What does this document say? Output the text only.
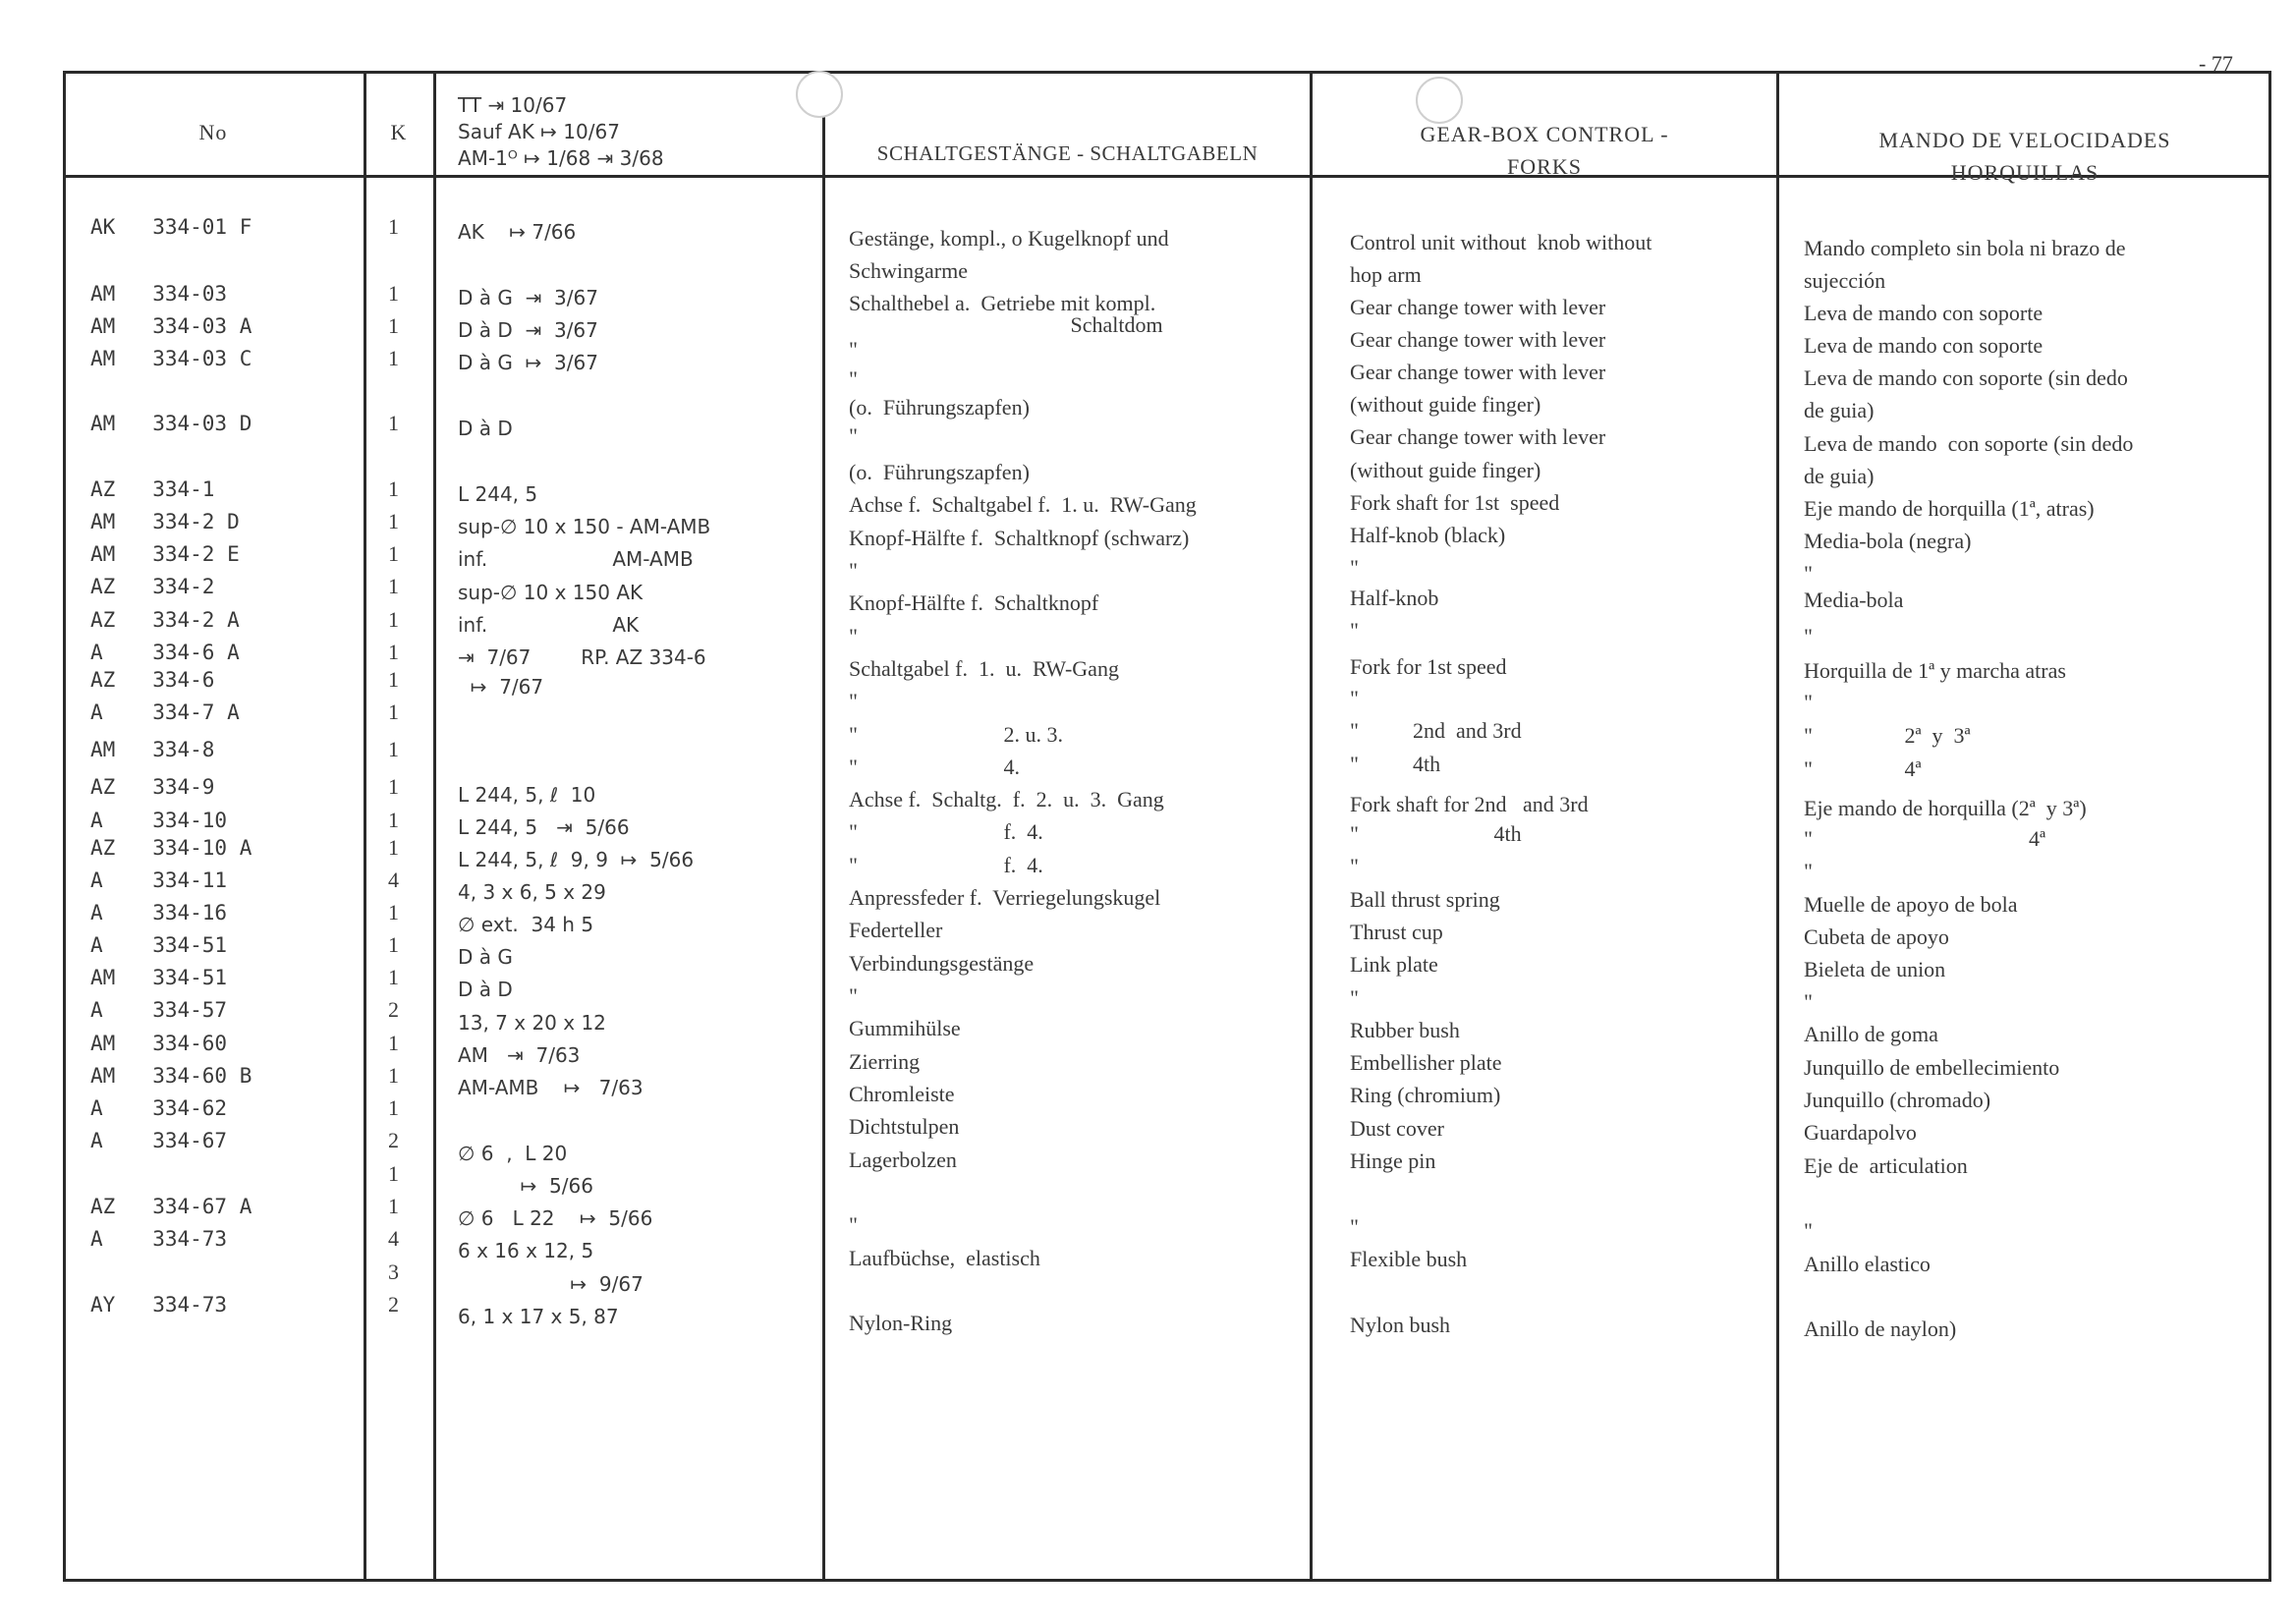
- 77
No	K
TT ⇥ 10/67
Sauf AK ↦ 10/67
AM-1ᴼ ↦ 1/68 ⇥ 3/68	SCHALTGESTÄNGE - SCHALTGABELN
GEAR-BOX CONTROL -
FORKS
MANDO DE VELOCIDADES
HORQUILLAS
AK   334-01 F
AM   334-03
AM   334-03 A
AM   334-03 C
AM   334-03 D
AZ   334-1
AM   334-2 D
AM   334-2 E
AZ   334-2
AZ   334-2 A
A    334-6 A
AZ   334-6
A    334-7 A
AM   334-8
AZ   334-9
A    334-10
AZ   334-10 A
A    334-11
A    334-16
A    334-51
AM   334-51
A    334-57
AM   334-60
AM   334-60 B
A    334-62
A    334-67
AZ   334-67 A
A    334-73
AY   334-73
1
1
1
1
1
1
1
1
1
1
1
1
1
1
1
1
1
4
1
1
1
2
1
1
1
2
1
1
4
3
2
AK    ↦ 7/66
D à G  ⇥  3/67
D à D  ⇥  3/67
D à G  ↦  3/67
D à D
L 244, 5
sup-∅ 10 x 150 - AM-AMB
inf.                    AM-AMB
sup-∅ 10 x 150 AK
inf.                    AK
⇥  7/67        RP. AZ 334-6
↦  7/67
L 244, 5, ℓ  10
L 244, 5   ⇥  5/66
L 244, 5, ℓ  9, 9  ↦  5/66
4, 3 x 6, 5 x 29
∅ ext.  34 h 5
D à G
D à D
13, 7 x 20 x 12
AM   ⇥  7/63
AM-AMB    ↦   7/63
∅ 6  ,  L 20
↦  5/66
∅ 6   L 22    ↦  5/66
6 x 16 x 12, 5
↦  9/67
6, 1 x 17 x 5, 87
Gestänge, kompl., o Kugelknopf und
Schwingarme
Schalthebel a.  Getriebe mit kompl.
Schaltdom
"
"
(o.  Führungszapfen)
"
(o.  Führungszapfen)
Achse f.  Schaltgabel f.  1. u.  RW-Gang
Knopf-Hälfte f.  Schaltknopf (schwarz)
"
Knopf-Hälfte f.  Schaltknopf
"
Schaltgabel f.  1.  u.  RW-Gang
"
"                           2. u. 3.
"                           4.
Achse f.  Schaltg.  f.  2.  u.  3.  Gang
"                           f.  4.
"                           f.  4.
Anpressfeder f.  Verriegelungskugel
Federteller
Verbindungsgestänge
"
Gummihülse
Zierring
Chromleiste
Dichtstulpen
Lagerbolzen
"
Laufbüchse,  elastisch
Nylon-Ring
Control unit without  knob without
hop arm
Gear change tower with lever
Gear change tower with lever
Gear change tower with lever
(without guide finger)
Gear change tower with lever
(without guide finger)
Fork shaft for 1st  speed
Half-knob (black)
"
Half-knob
"
Fork for 1st speed
"
"          2nd  and 3rd
"          4th
Fork shaft for 2nd   and 3rd
"                         4th
"
Ball thrust spring
Thrust cup
Link plate
"
Rubber bush
Embellisher plate
Ring (chromium)
Dust cover
Hinge pin
"
Flexible bush
Nylon bush
Mando completo sin bola ni brazo de
sujección
Leva de mando con soporte
Leva de mando con soporte
Leva de mando con soporte (sin dedo
de guia)
Leva de mando  con soporte (sin dedo
de guia)
Eje mando de horquilla (1ª, atras)
Media-bola (negra)
"
Media-bola
"
Horquilla de 1ª y marcha atras
"
"                 2ª  y  3ª
"                 4ª
Eje mando de horquilla (2ª  y 3ª)
"                                        4ª
"
Muelle de apoyo de bola
Cubeta de apoyo
Bieleta de union
"
Anillo de goma
Junquillo de embellecimiento
Junquillo (chromado)
Guardapolvo
Eje de  articulation
"
Anillo elastico
Anillo de naylon)
